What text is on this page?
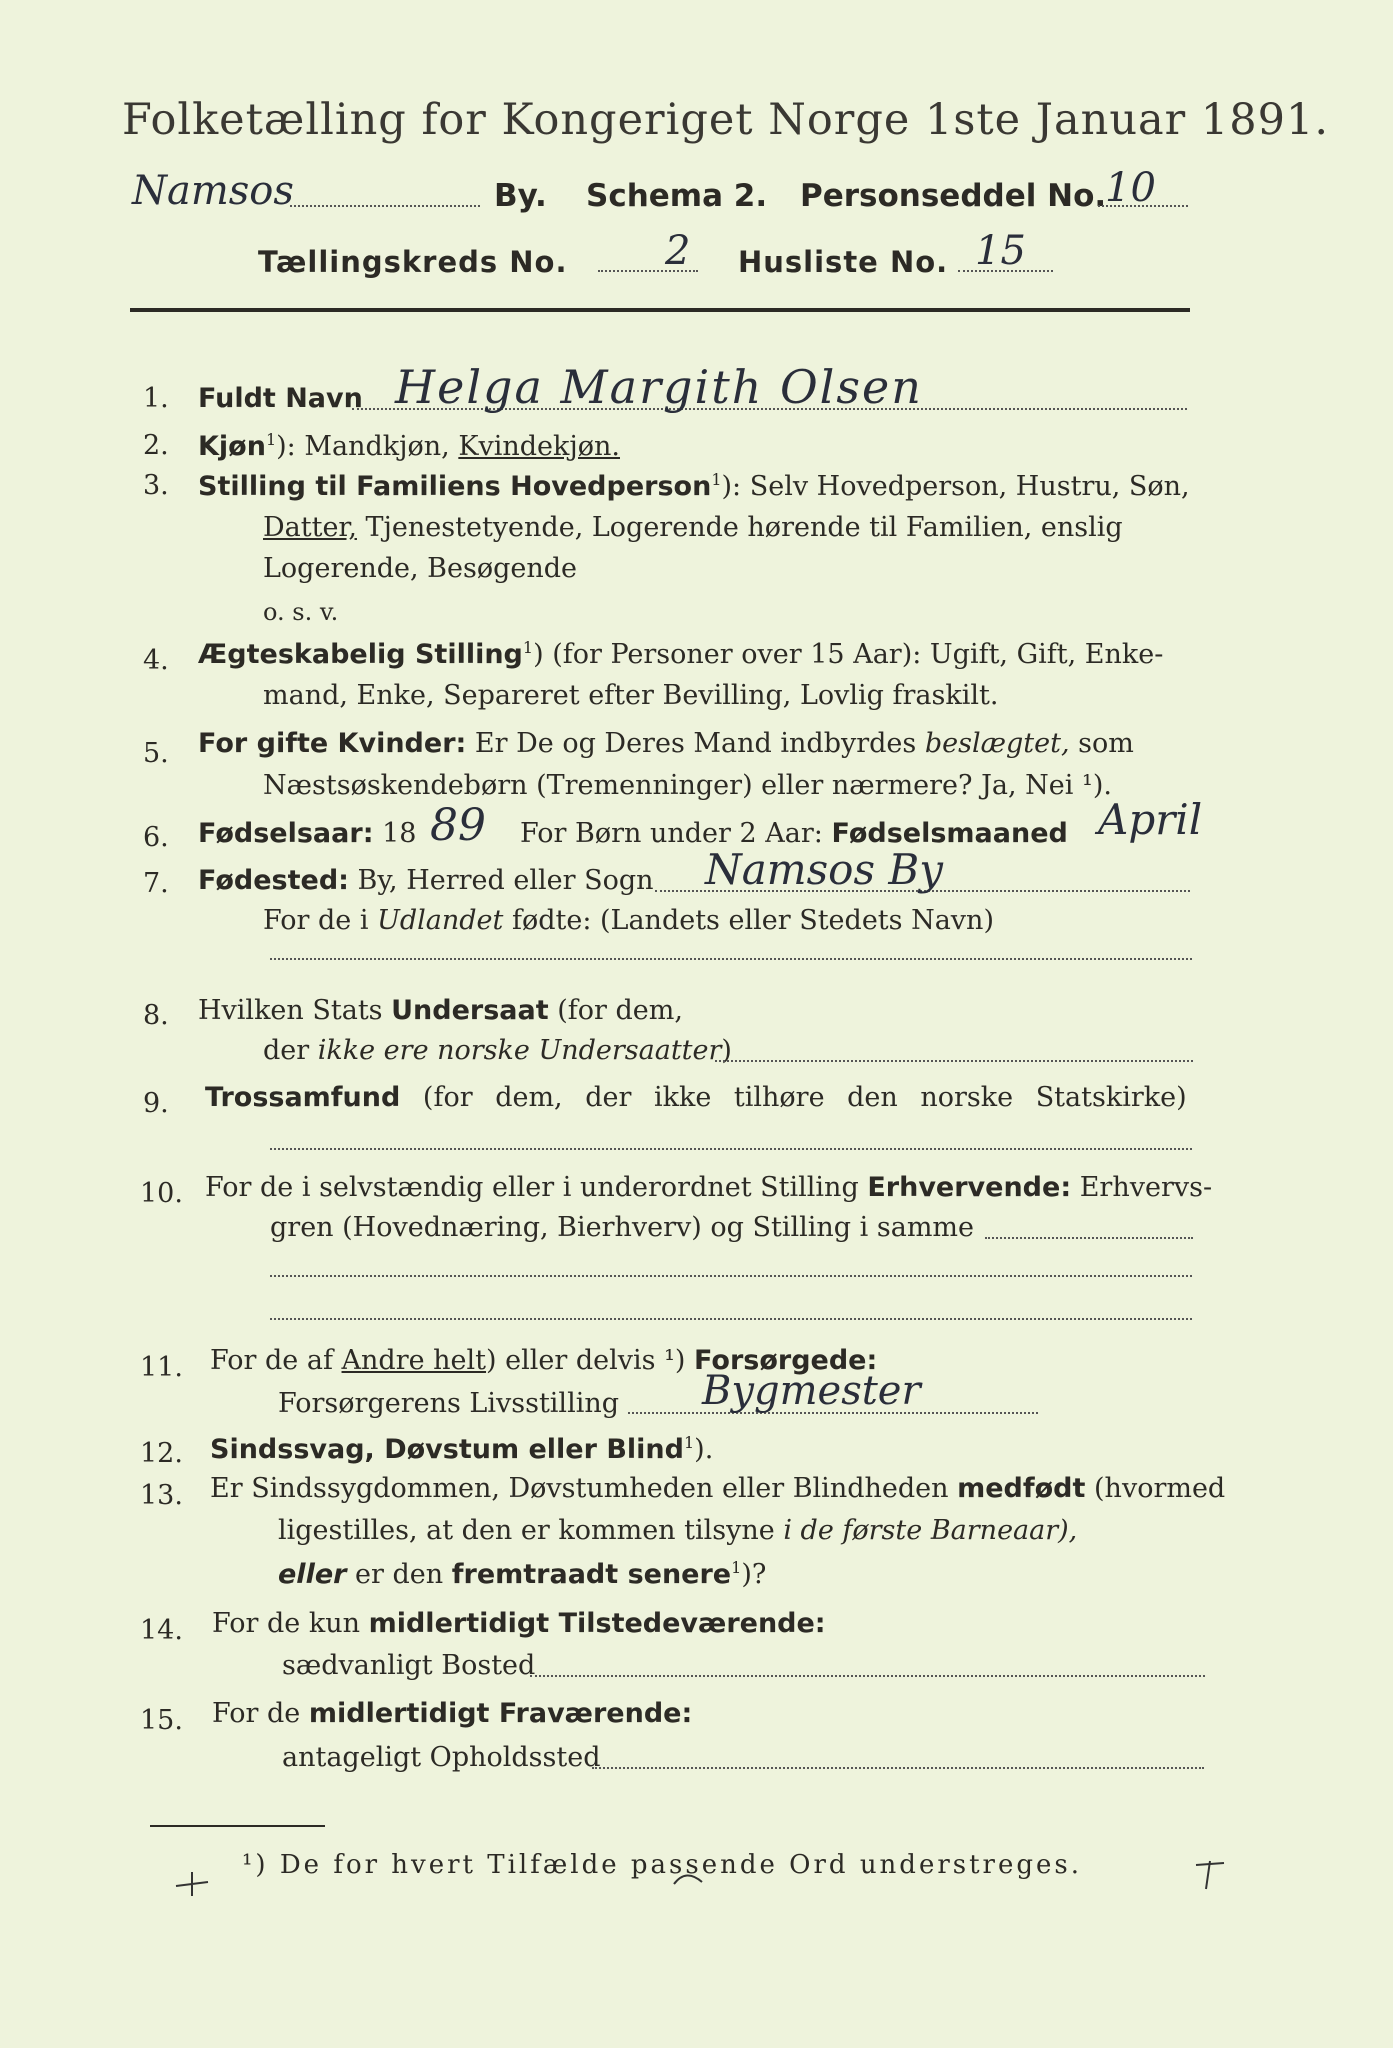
Folketælling for Kongeriget Norge 1ste Januar 1891.
Namsos	By. Schema 2. Personseddel No.
10
Tællingskreds No. 2 Husliste No. 15
1. Fuldt Navn Helga Margith Olsen
2. Kjøn$^1$): Mandkjøn, Kvindekjøn.
3. Stilling til Familiens Hovedperson$^1$): Selv Hovedperson, Hustru, Søn,
Datter, Tjenestetyende, Logerende hørende til Familien, enslig
Logerende, Besøgende
o. s. v.
4. Ægteskabelig Stilling$^1$) (for Personer over 15 Aar): Ugift, Gift, Enke-
mand, Enke, Separeret efter Bevilling, Lovlig fraskilt.
5. For gifte Kvinder: Er De og Deres Mand indbyrdes beslægtet, som
Næstsøskendebørn (Tremenninger) eller nærmere? Ja, Nei ¹).
6. Fødselsaar: 18 89 For Børn under 2 Aar: Fødselsmaaned April
7. Fødested: By, Herred eller Sogn Namsos By
For de i Udlandet fødte: (Landets eller Stedets Navn)
8. Hvilken Stats Undersaat (for dem,
der ikke ere norske Undersaatter)
9. Trossamfund (for dem, der ikke tilhøre den norske Statskirke)
10. For de i selvstændig eller i underordnet Stilling Erhvervende: Erhvervs-
gren (Hovednæring, Bierhverv) og Stilling i samme
11. For de af Andre helt) eller delvis ¹) Forsørgede:
Forsørgerens Livsstilling Bygmester
12. Sindssvag, Døvstum eller Blind$^1$).
13. Er Sindssygdommen, Døvstumheden eller Blindheden medfødt (hvormed
ligestilles, at den er kommen tilsyne i de første Barneaar),
eller er den fremtraadt senere$^1$)?
14. For de kun midlertidigt Tilstedeværende:
sædvanligt Bosted
15. For de midlertidigt Fraværende:
antageligt Opholdssted
¹) De for hvert Tilfælde passende Ord understreges.
